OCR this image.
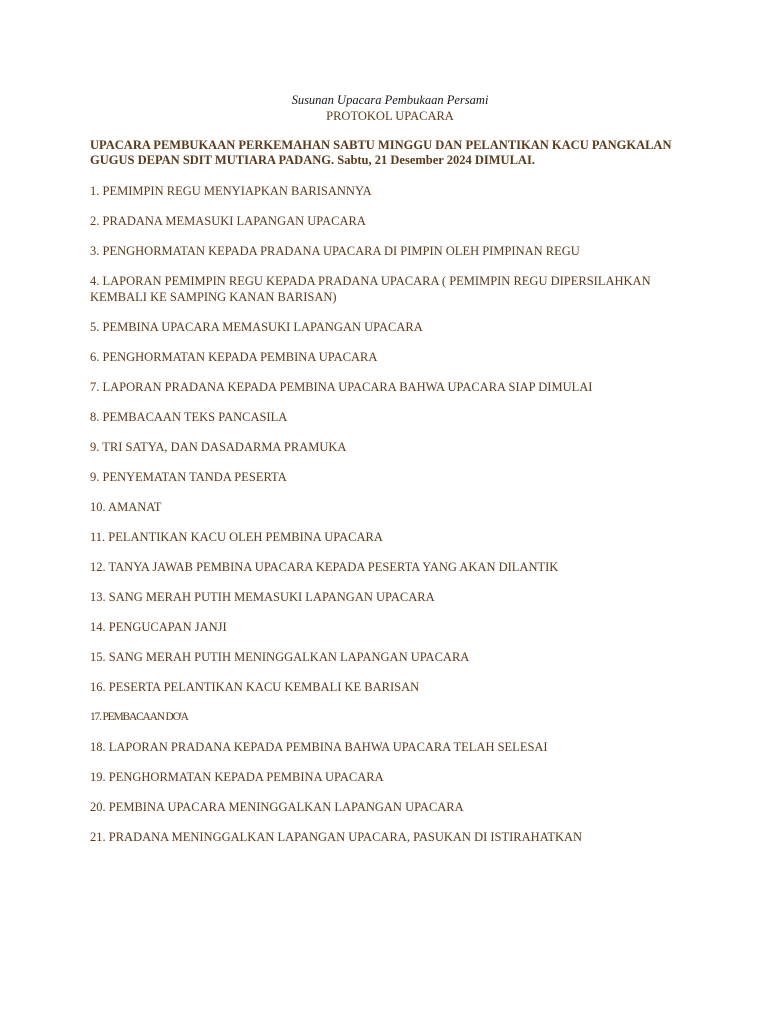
Susunan Upacara Pembukaan Persami

PROTOKOL UPACARA

UPACARA PEMBUKAAN PERKEMAHAN SABTU MINGGU DAN PELANTIKAN KACU PANGKALAN GUGUS DEPAN SDIT MUTIARA PADANG. Sabtu, 21 Desember 2024 DIMULAI.

1. PEMIMPIN REGU MENYIAPKAN BARISANNYA
2. PRADANA MEMASUKI LAPANGAN UPACARA
3. PENGHORMATAN KEPADA PRADANA UPACARA DI PIMPIN OLEH PIMPINAN REGU
4. LAPORAN PEMIMPIN REGU KEPADA PRADANA UPACARA ( PEMIMPIN REGU DIPERSILAHKAN KEMBALI KE SAMPING KANAN BARISAN)
5. PEMBINA UPACARA MEMASUKI LAPANGAN UPACARA
6. PENGHORMATAN KEPADA PEMBINA UPACARA
7. LAPORAN PRADANA KEPADA PEMBINA UPACARA BAHWA UPACARA SIAP DIMULAI
8. PEMBACAAN TEKS PANCASILA
9. TRI SATYA, DAN DASADARMA PRAMUKA
9. PENYEMATAN TANDA PESERTA
10. AMANAT
11. PELANTIKAN KACU OLEH PEMBINA UPACARA
12. TANYA JAWAB PEMBINA UPACARA KEPADA PESERTA YANG AKAN DILANTIK
13. SANG MERAH PUTIH MEMASUKI LAPANGAN UPACARA
14. PENGUCAPAN JANJI
15. SANG MERAH PUTIH MENINGGALKAN LAPANGAN UPACARA
16. PESERTA PELANTIKAN KACU KEMBALI KE BARISAN
17. PEMBACAAN DO'A
18. LAPORAN PRADANA KEPADA PEMBINA BAHWA UPACARA TELAH SELESAI
19. PENGHORMATAN KEPADA PEMBINA UPACARA
20. PEMBINA UPACARA MENINGGALKAN LAPANGAN UPACARA
21. PRADANA MENINGGALKAN LAPANGAN UPACARA, PASUKAN DI ISTIRAHATKAN
